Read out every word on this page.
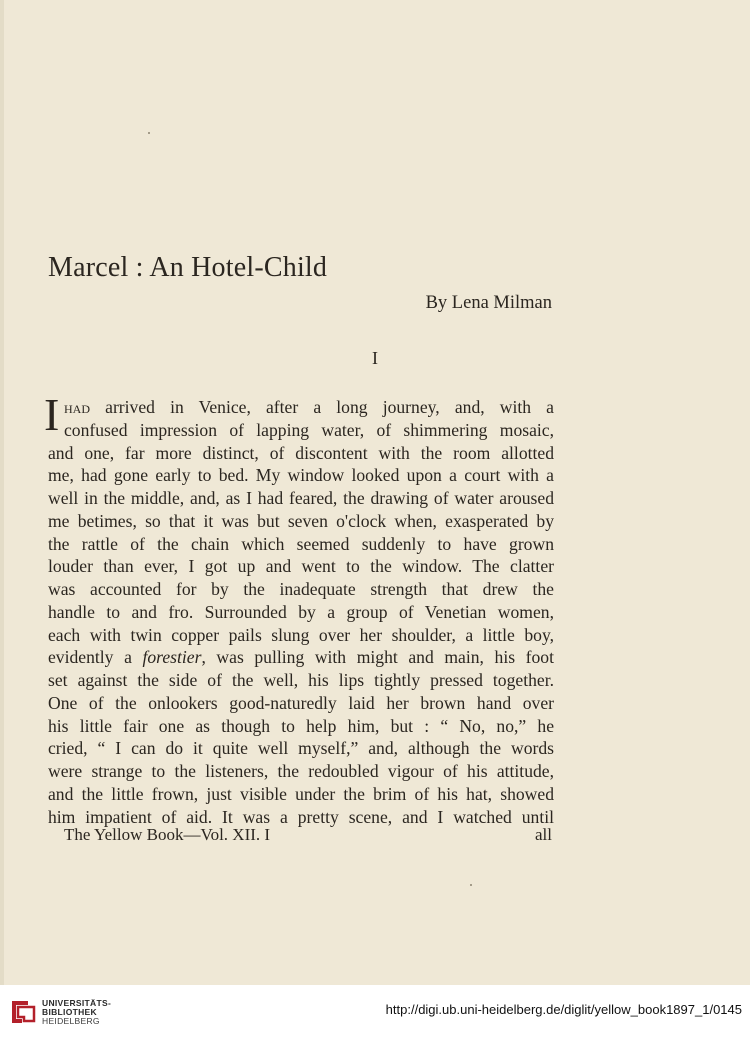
Marcel : An Hotel-Child
By Lena Milman
I
I had arrived in Venice, after a long journey, and, with a
confused impression of lapping water, of shimmering mosaic,
and one, far more distinct, of discontent with the room allotted
me, had gone early to bed. My window looked upon a court with a
well in the middle, and, as I had feared, the drawing of water aroused
me betimes, so that it was but seven o'clock when, exasperated by
the rattle of the chain which seemed suddenly to have grown
louder than ever, I got up and went to the window. The clatter
was accounted for by the inadequate strength that drew the
handle to and fro. Surrounded by a group of Venetian women,
each with twin copper pails slung over her shoulder, a little boy,
evidently a forestier, was pulling with might and main, his foot
set against the side of the well, his lips tightly pressed together.
One of the onlookers good-naturedly laid her brown hand over
his little fair one as though to help him, but : “ No, no,” he
cried, “ I can do it quite well myself,” and, although the words
were strange to the listeners, the redoubled vigour of his attitude,
and the little frown, just visible under the brim of his hat, showed
him impatient of aid. It was a pretty scene, and I watched until
The Yellow Book—Vol. XII. I	all
UNIVERSITÄTS-
BIBLIOTHEK
HEIDELBERG
http://digi.ub.uni-heidelberg.de/diglit/yellow_book1897_1/0145
